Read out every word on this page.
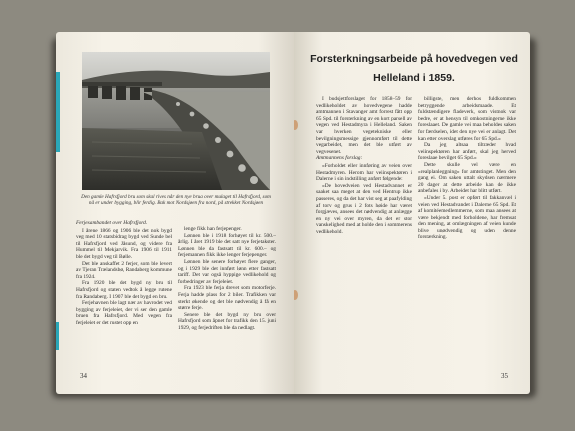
Den gamle Hafrsfjord bru som skal rives når den nye brua over mulaget til Hafrsfjord, som nå er under bygging, blir ferdig. Bak mot Nordsjøen fra nord, på strekket Nordsjøen

Ferjesambandet over Hafrsfjord.

I årene 1866 og 1906 ble det nok bygd veg med 10 statsbidrag bygd ved Sunde bel til Hafrsfjord ved Jåsund, og videre fra Hummel til Mekjarvik. Fra 1906 til 1911 ble det bygd veg til Bølle.

Det ble anskaffet 2 ferjer, som ble levert av Tjeran Trælandsbø, Randaberg kommune fra 1924.

Fra 1920 ble det bygd ny bru til Hafrsfjord og staten vedtok å legge rutene fra Randaberg. I 1907 ble det bygd en bru.

Ferjehavnen ble lagt nær av havrodet ved bygging av ferjeleiet, der vi ser den gamle bruen fra Hafrsfjord. Med vegen fra ferjeleiet er det rustet opp en

lenge fikk han ferjepenger.

Lønnen ble i 1918 forhøyet til kr. 500.– årlig. I året 1919 ble det satt nye ferjetakster. Lønnen ble da fastsatt til kr. 600.– og ferjemannen fikk ikke lenger ferjepenger.

Lønnen ble senere forhøyet flere ganger, og i 1929 ble det innført lønn etter fastsatt tariff. Det var også hyppige vedlikehold og forbedringer av ferjeleiet.

Fra 1923 ble ferja drevet som motorferje. Ferja hadde plass for 2 biler. Trafikken var sterkt økende og det ble nødvendig å få en større ferje.

Senere ble det bygd ny bru over Hafrsfjord som åpnet for trafikk den 15. juni 1929, og ferjedriften ble da nedlagt.

34
Forsterkningsarbeide på hovedvegen ved
Helleland i 1859.

I budsjettforslaget for 1858–59 for vedlikeholdet av hovedvegene hadde amtmannen i Stavanger amt forrest fått opp 65 Spd. til forsterkning av en kort parsell av vegen ved Hestadmyra i Helleland. Saken var hverken vegetekniske eller bevilgningsmessige gjennomført til dette vegarbeidet, men det ble utført av vegvesenet.

Amtmannens forslag:

«Forholdet eller innføring av veien over Hestadmyren. Herom har veiinspektøren i Dalerne i sin indstilling anført følgende:

«De hovedveien ved Hestadvannet er saaket saa meget at den ved Hentrup ikke passeres, og da det har vist seg at paafylding af torv og grus i 2 fots høide har været forgjæves, ansees det nødvendig at anlægge en ny vei over myren, da det er stor vanskelighed med at holde den i sommerens vedlikehold.

billigste, men derhos fuldkommen betryggende arbeidsmaade. Et fuldstændigere fladeverk, som vistnok var bedre, er at hensyn til omkostningerne ikke foreslaaet. De gamle vei maa beholdes saken for færdselen, idet den nye vei er anlagt. Det kan etter overslag utføres for 65 Spd.»

Da jeg altsaa tiltræder hvad veiinspektøren har anført, skal jeg herved foreslaae bevilget 65 Spd.»

Dette skulle vel være en «realplanleggning» for amtstinget. Men den gang ei. Om saken uttalt skydsen nærmere 20 dager at dette arbeide kan de ikke anbefales i by. Arbeidet har blitt utført.

«Under 5. post er opført til fakkanvæl i veien ved Hestadvandet i Dalerne 65 Spd. Et af komitéemedlemmerne, som maa ansees at være bekjendt med forholdene, har fremsat den mening, at omlægningen af veien kunde blive unødvendig og uden denne forstærkning.

35
